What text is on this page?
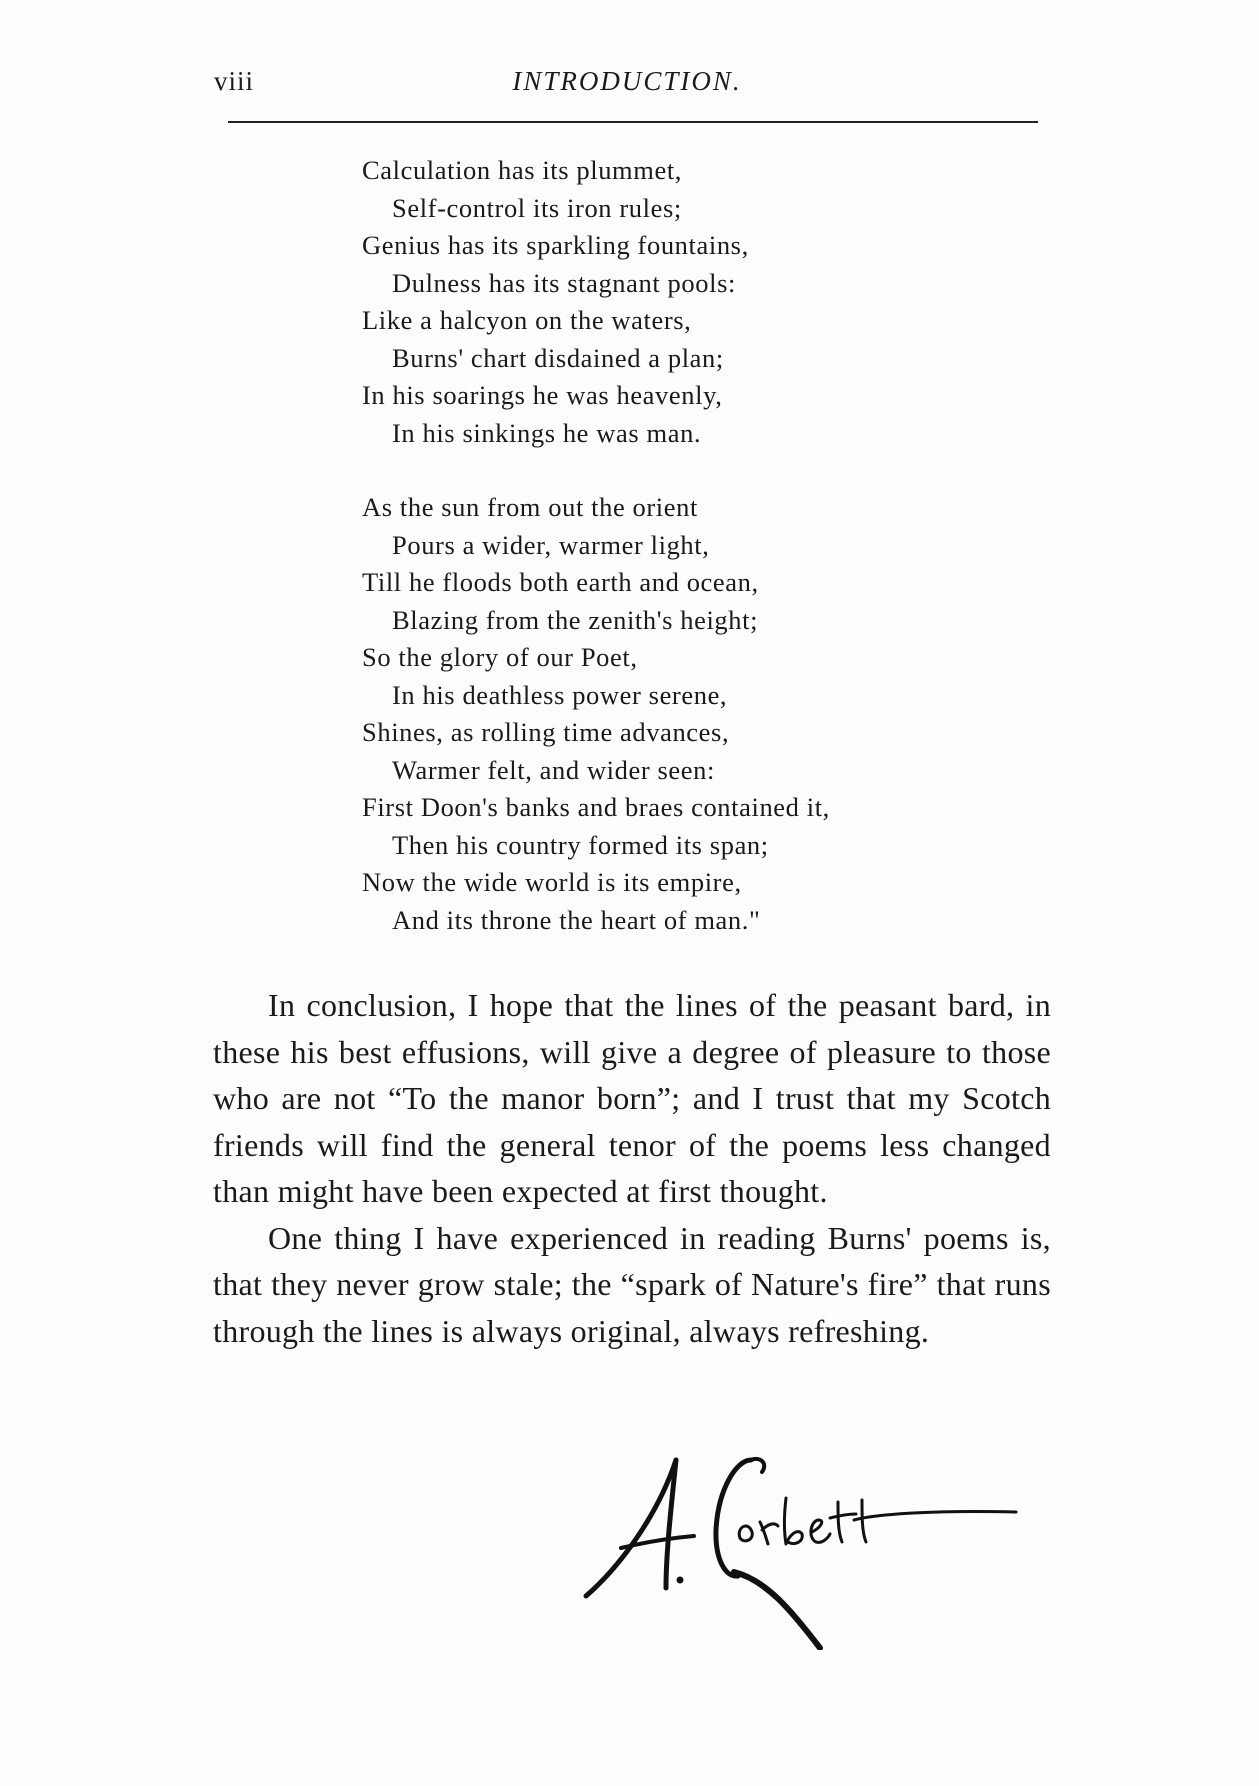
viii	INTRODUCTION.
Calculation has its plummet,
Self-control its iron rules;
Genius has its sparkling fountains,
Dulness has its stagnant pools:
Like a halcyon on the waters,
Burns' chart disdained a plan;
In his soarings he was heavenly,
In his sinkings he was man.
As the sun from out the orient
Pours a wider, warmer light,
Till he floods both earth and ocean,
Blazing from the zenith's height;
So the glory of our Poet,
In his deathless power serene,
Shines, as rolling time advances,
Warmer felt, and wider seen:
First Doon's banks and braes contained it,
Then his country formed its span;
Now the wide world is its empire,
And its throne the heart of man."

In conclusion, I hope that the lines of the peasant bard, in these his best effusions, will give a degree of pleasure to those who are not “To the manor born”; and I trust that my Scotch friends will find the general tenor of the poems less changed than might have been expected at first thought.

One thing I have experienced in reading Burns' poems is, that they never grow stale; the “spark of Nature's fire” that runs through the lines is always original, always refreshing.
